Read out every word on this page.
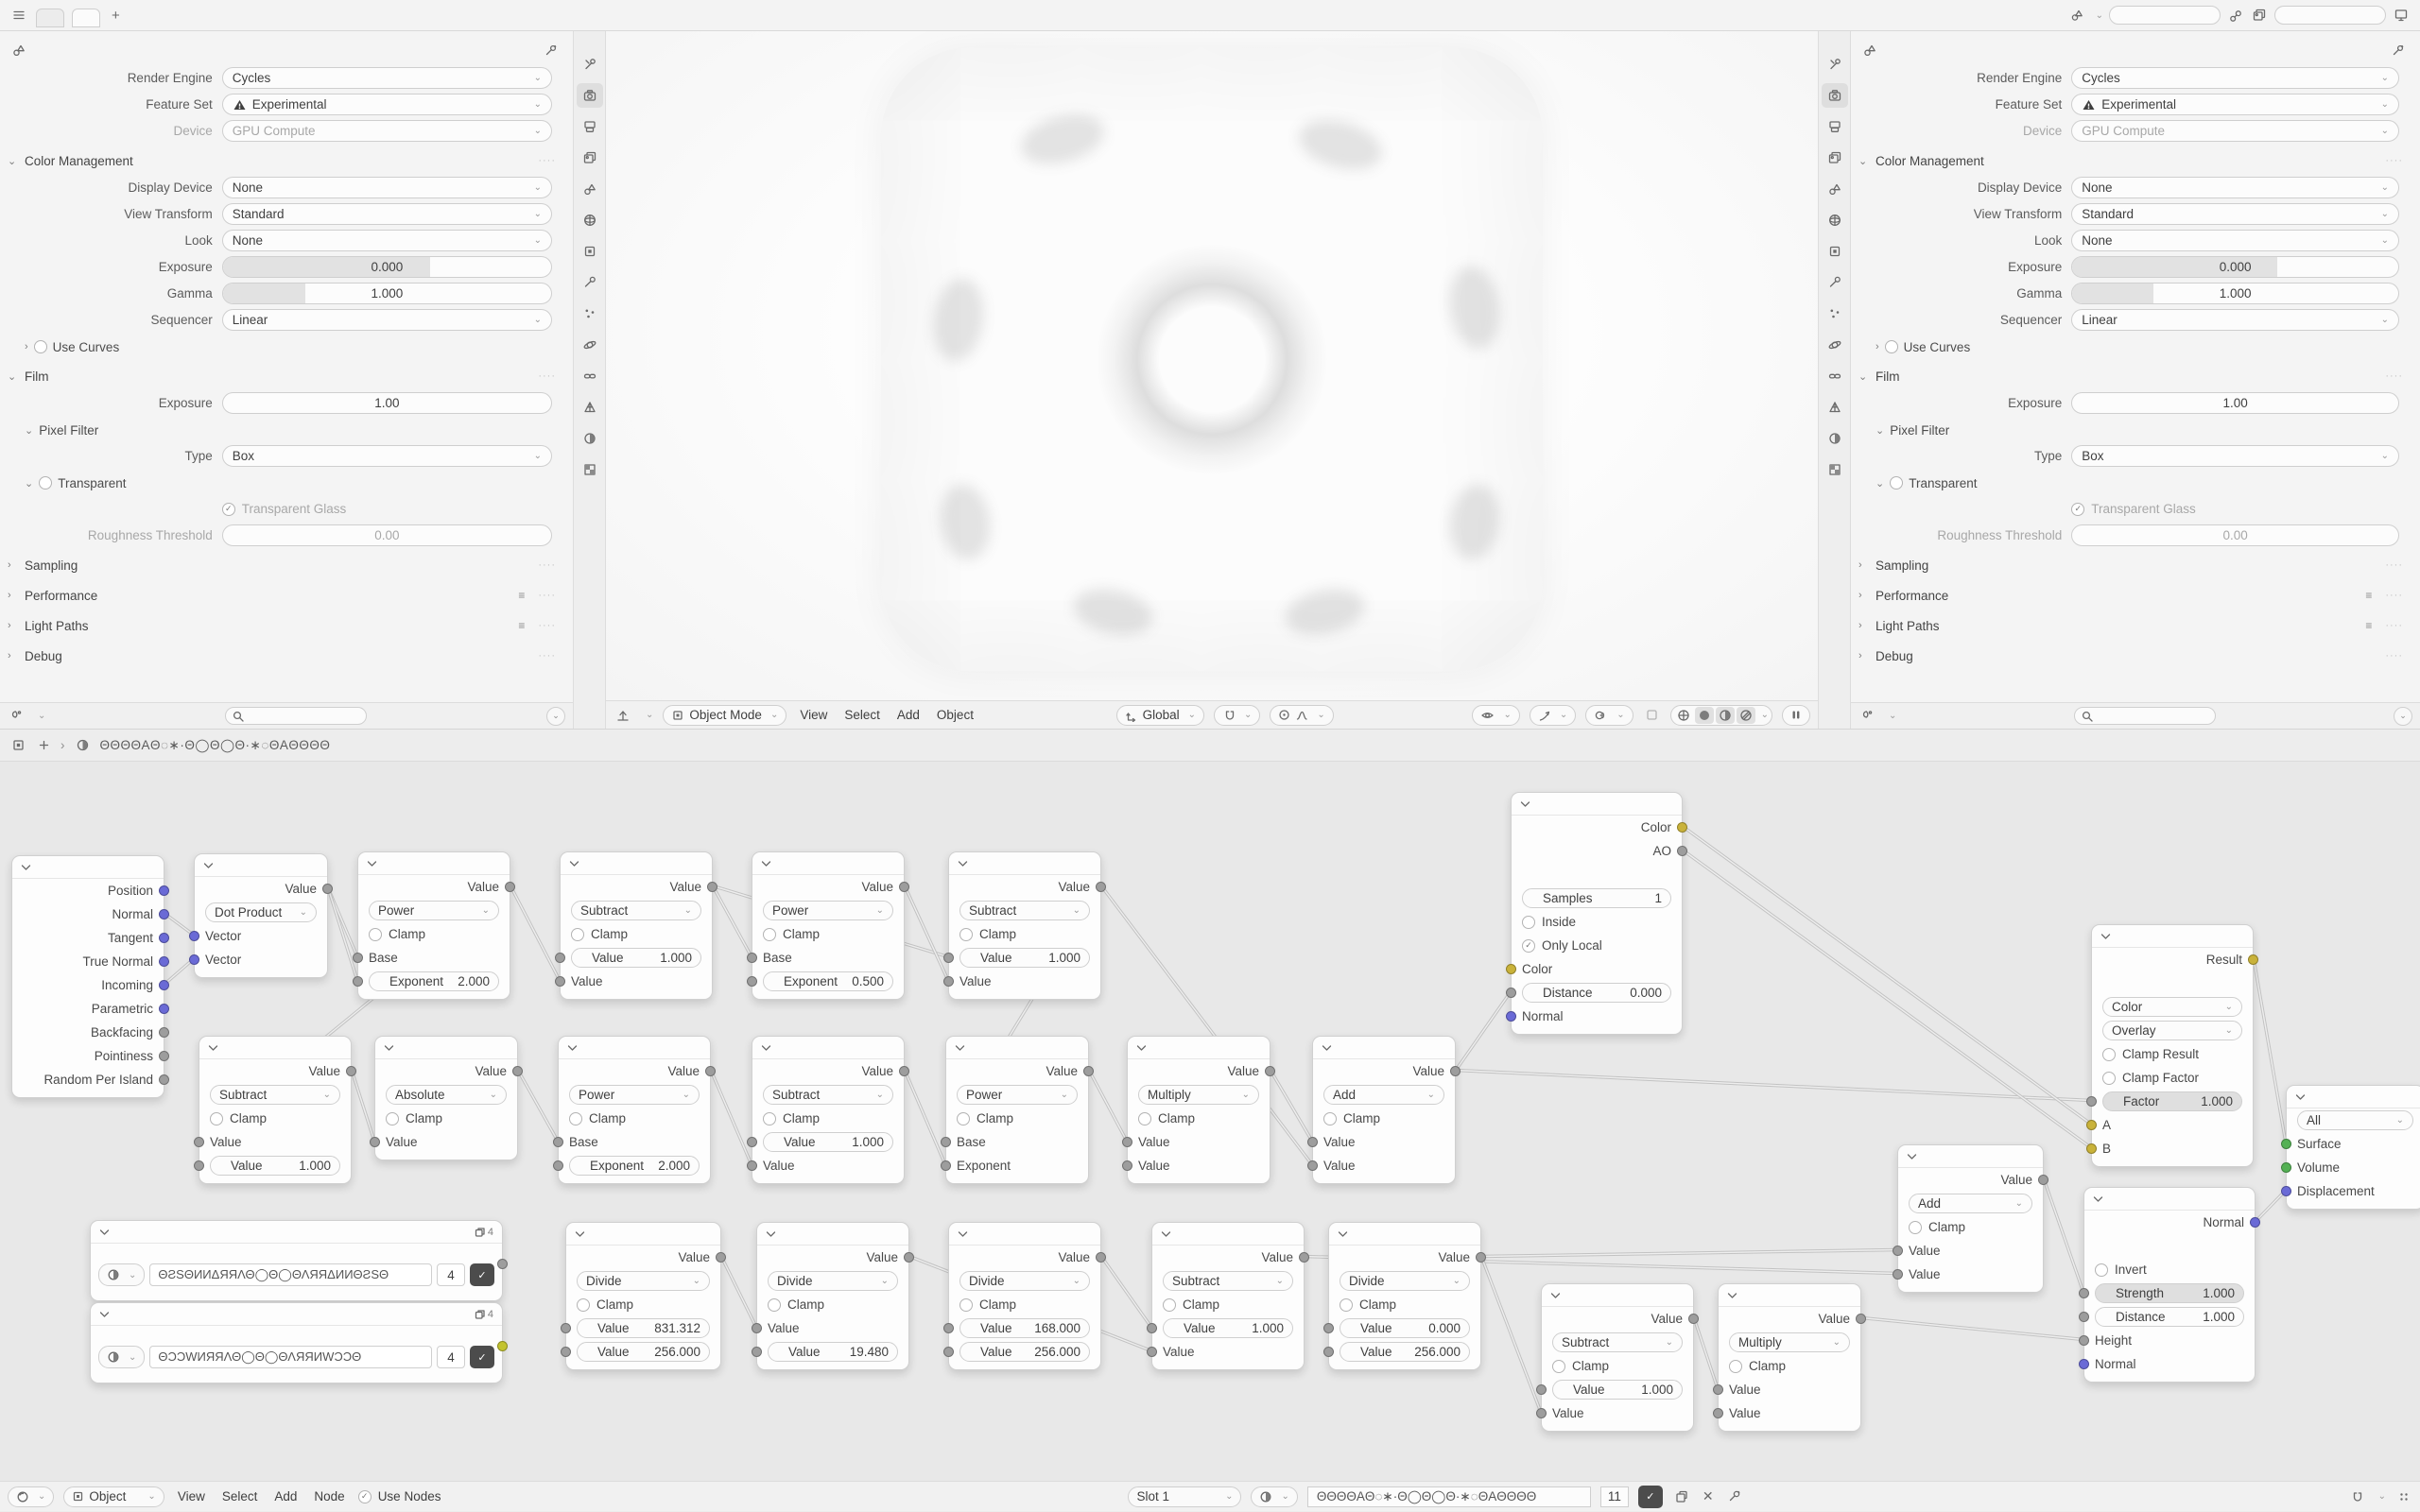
+	⌄
Render Engine	Cycles	⌄
Feature Set	Experimental	⌄
Device	GPU Compute	⌄
⌄ Color Management	····
Display Device	None	⌄
View Transform	Standard	⌄
Look	None	⌄
Exposure	0.000
Gamma	1.000
Sequencer	Linear	⌄
› Use Curves
⌄ Film	····
Exposure	1.00
⌄ Pixel Filter
Type	Box	⌄
⌄ Transparent
✓ Transparent Glass
Roughness Threshold	0.00
›	Sampling	····
›	Performance	≡ ····
›	Light Paths	≡ ····
›	Debug	····
⌄	⌄	⌄	Object Mode ⌄ View Select Add Object	Global ⌄	⌄	⌄	⌄	⌄	⌄	⌄
Render Engine	Cycles	⌄
Feature Set	Experimental	⌄
Device	GPU Compute	⌄
⌄ Color Management	····
Display Device	None	⌄
View Transform	Standard	⌄
Look	None	⌄
Exposure	0.000
Gamma	1.000
Sequencer	Linear	⌄
› Use Curves
⌄ Film	····
Exposure	1.00
⌄ Pixel Filter
Type	Box	⌄
⌄ Transparent
✓ Transparent Glass
Roughness Threshold	0.00
›	Sampling	····
›	Performance	≡ ····
›	Light Paths	≡ ····
›	Debug	····
⌄	⌄
›	ΘΘΘΘAΘ◌∗·Θ◯Θ◯Θ·∗◌ΘAΘΘΘΘ
Position
Normal
Tangent
True Normal
Incoming
Parametric
Backfacing
Pointiness
Random Per Island
Value
Dot Product ⌄
Vector
Vector
Value
Power	⌄
Clamp
Base
Exponent 2.000
Value
Subtract	⌄
Clamp
Value	1.000
Value
Value
Power	⌄
Clamp
Base
Exponent 0.500
Value
Subtract	⌄
Clamp
Value	1.000
Value
Value
Subtract	⌄
Clamp
Value
Value	1.000
Value
Absolute	⌄
Clamp
Value
Value
Power	⌄
Clamp
Base
Exponent 2.000
Value
Subtract	⌄
Clamp
Value	1.000
Value
Value
Power	⌄
Clamp
Base
Exponent
Value
Multiply	⌄
Clamp
Value
Value
Value
Add	⌄
Clamp
Value
Value
4
⌄	ΘƧSΘИИΔЯЯΛΘ◯Θ◯ΘΛЯЯΔИИΘƧSΘ	4	✓
4
⌄	ΘƆƆWИЯЯΛΘ◯Θ◯ΘΛЯЯИWƆƆΘ	4	✓
Value
Divide	⌄
Clamp
Value 831.312
Value 256.000
Value
Divide	⌄
Clamp
Value
Value 19.480
Value
Divide	⌄
Clamp
Value 168.000
Value 256.000
Value
Subtract	⌄
Clamp
Value	1.000
Value
Value
Divide	⌄
Clamp
Value	0.000
Value 256.000
Value
Subtract	⌄
Clamp
Value	1.000
Value
Value
Multiply	⌄
Clamp
Value
Value
Color
AO
Samples	1
Inside
✓ Only Local
Color
Distance	0.000
Normal
Value
Add	⌄
Clamp
Value
Value
Result
Color	⌄
Overlay	⌄
Clamp Result
Clamp Factor
Factor	1.000
A
B
Normal
Invert
Strength	1.000
Distance	1.000
Height
Normal
All	⌄
Surface
Volume
Displacement
⌄	Object ⌄ View Select Add Node	✓ Use Nodes	Slot 1	⌄	⌄	ΘΘΘΘAΘ◌∗·Θ◯Θ◯Θ·∗◌ΘAΘΘΘΘ	11	✓	✕	⌄
